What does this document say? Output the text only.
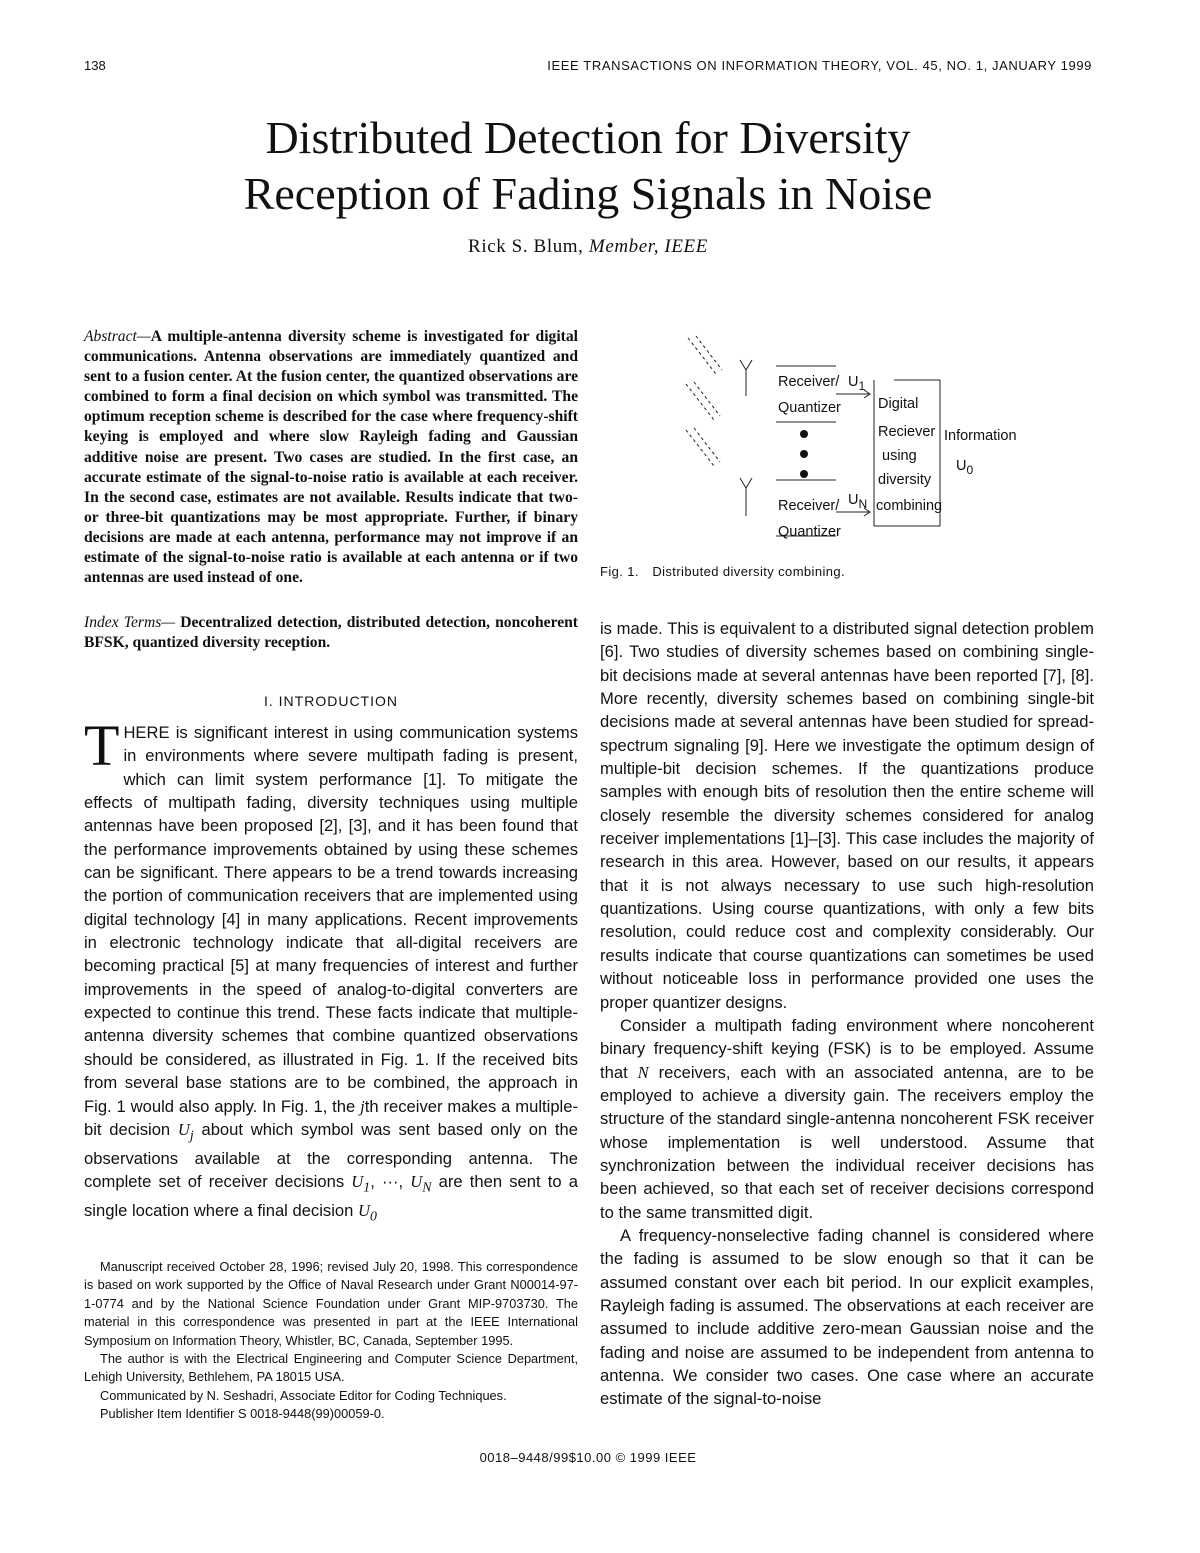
138	IEEE TRANSACTIONS ON INFORMATION THEORY, VOL. 45, NO. 1, JANUARY 1999
Distributed Detection for Diversity
Reception of Fading Signals in Noise
Rick S. Blum, Member, IEEE
Abstract—A multiple-antenna diversity scheme is investigated for digital communications. Antenna observations are immediately quantized and sent to a fusion center. At the fusion center, the quantized observations are combined to form a final decision on which symbol was transmitted. The optimum reception scheme is described for the case where frequency-shift keying is employed and where slow Rayleigh fading and Gaussian additive noise are present. Two cases are studied. In the first case, an accurate estimate of the signal-to-noise ratio is available at each receiver. In the second case, estimates are not available. Results indicate that two- or three-bit quantizations may be most appropriate. Further, if binary decisions are made at each antenna, performance may not improve if an estimate of the signal-to-noise ratio is available at each antenna or if two antennas are used instead of one.
Index Terms— Decentralized detection, distributed detection, noncoherent BFSK, quantized diversity reception.
I. INTRODUCTION

THERE is significant interest in using communication systems in environments where severe multipath fading is present, which can limit system performance [1]. To mitigate the effects of multipath fading, diversity techniques using multiple antennas have been proposed [2], [3], and it has been found that the performance improvements obtained by using these schemes can be significant. There appears to be a trend towards increasing the portion of communication receivers that are implemented using digital technology [4] in many applications. Recent improvements in electronic technology indicate that all-digital receivers are becoming practical [5] at many frequencies of interest and further improvements in the speed of analog-to-digital converters are expected to continue this trend. These facts indicate that multiple-antenna diversity schemes that combine quantized observations should be considered, as illustrated in Fig. 1. If the received bits from several base stations are to be combined, the approach in Fig. 1 would also apply. In Fig. 1, the jth receiver makes a multiple-bit decision $U_j$ about which symbol was sent based only on the observations available at the corresponding antenna. The complete set of receiver decisions $U_1$, ···, $U_N$ are then sent to a single location where a final decision $U_0$

Manuscript received October 28, 1996; revised July 20, 1998. This correspondence is based on work supported by the Office of Naval Research under Grant N00014-97-1-0774 and by the National Science Foundation under Grant MIP-9703730. The material in this correspondence was presented in part at the IEEE International Symposium on Information Theory, Whistler, BC, Canada, September 1995.

The author is with the Electrical Engineering and Computer Science Department, Lehigh University, Bethlehem, PA 18015 USA.

Communicated by N. Seshadri, Associate Editor for Coding Techniques.

Publisher Item Identifier S 0018-9448(99)00059-0.

Receiver/
Quantizer
$U_1$
Digital
Reciever
using
diversity
combining
Information
$U_0$
Receiver/
Quantizer
$U_N$
Fig. 1. Distributed diversity combining.

is made. This is equivalent to a distributed signal detection problem [6]. Two studies of diversity schemes based on combining single-bit decisions made at several antennas have been reported [7], [8]. More recently, diversity schemes based on combining single-bit decisions made at several antennas have been studied for spread-spectrum signaling [9]. Here we investigate the optimum design of multiple-bit decision schemes. If the quantizations produce samples with enough bits of resolution then the entire scheme will closely resemble the diversity schemes considered for analog receiver implementations [1]–[3]. This case includes the majority of research in this area. However, based on our results, it appears that it is not always necessary to use such high-resolution quantizations. Using course quantizations, with only a few bits resolution, could reduce cost and complexity considerably. Our results indicate that course quantizations can sometimes be used without noticeable loss in performance provided one uses the proper quantizer designs.

Consider a multipath fading environment where noncoherent binary frequency-shift keying (FSK) is to be employed. Assume that N receivers, each with an associated antenna, are to be employed to achieve a diversity gain. The receivers employ the structure of the standard single-antenna noncoherent FSK receiver whose implementation is well understood. Assume that synchronization between the individual receiver decisions has been achieved, so that each set of receiver decisions correspond to the same transmitted digit.

A frequency-nonselective fading channel is considered where the fading is assumed to be slow enough so that it can be assumed constant over each bit period. In our explicit examples, Rayleigh fading is assumed. The observations at each receiver are assumed to include additive zero-mean Gaussian noise and the fading and noise are assumed to be independent from antenna to antenna. We consider two cases. One case where an accurate estimate of the signal-to-noise

0018–9448/99$10.00 © 1999 IEEE
